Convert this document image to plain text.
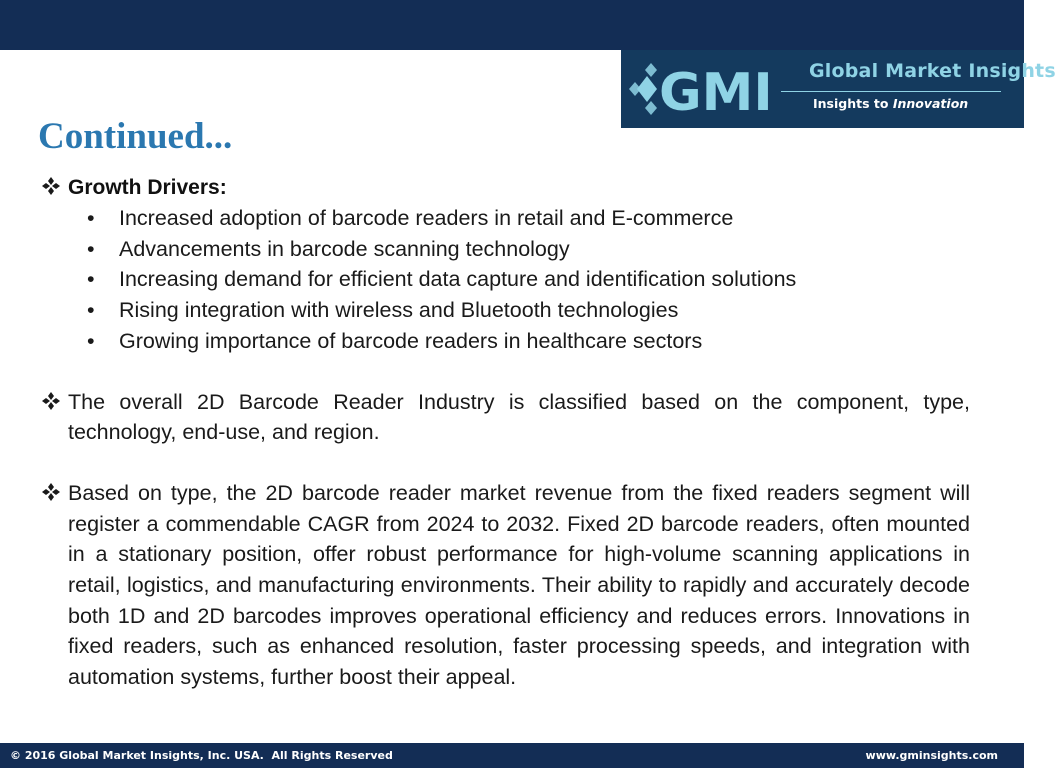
GMI Global Market Insights
Insights to Innovation
Continued...
Growth Drivers:
• Increased adoption of barcode readers in retail and E-commerce
• Advancements in barcode scanning technology
• Increasing demand for efficient data capture and identification solutions
• Rising integration with wireless and Bluetooth technologies
• Growing importance of barcode readers in healthcare sectors
The overall 2D Barcode Reader Industry is classified based on the component, type, technology, end-use, and region.
Based on type, the 2D barcode reader market revenue from the fixed readers segment will register a commendable CAGR from 2024 to 2032. Fixed 2D barcode readers, often mounted in a stationary position, offer robust performance for high-volume scanning applications in retail, logistics, and manufacturing environments. Their ability to rapidly and accurately decode both 1D and 2D barcodes improves operational efficiency and reduces errors. Innovations in fixed readers, such as enhanced resolution, faster processing speeds, and integration with automation systems, further boost their appeal.
© 2016 Global Market Insights, Inc. USA.  All Rights Reserved	www.gminsights.com
